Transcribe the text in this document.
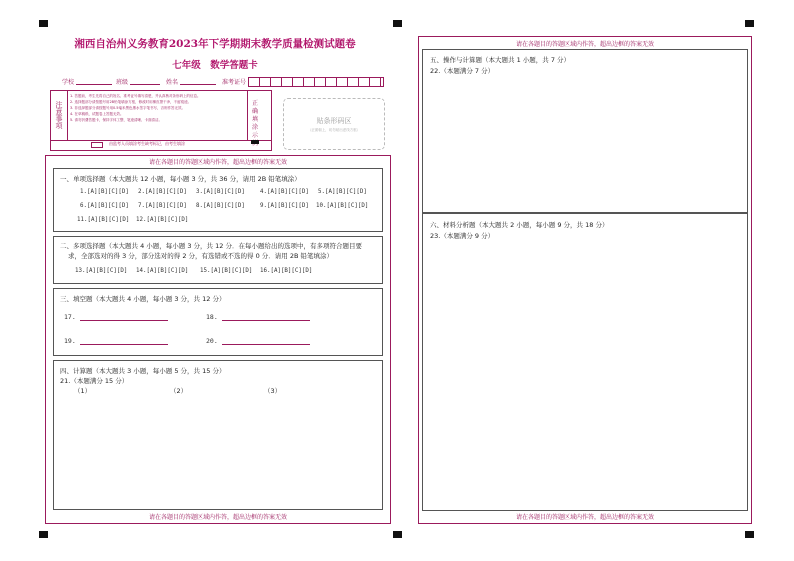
湘西自治州义务教育2023年下学期期末教学质量检测试题卷
七年级　数学答题卡
学校	班级	姓名	准考证号
注意事项
1. 答题前，考生先将自己的姓名、准考证号填写清楚，并认真核对条形码上的信息。
2. 选择题部分请按题号用2B铅笔填涂方框，修改时用橡皮擦干净，不留痕迹。
3. 非选择题部分请按题号用0.5毫米黑色墨水签字笔书写，否则作答无效。
4. 在草稿纸、试题卷上答题无效。
5. 请勿折叠答题卡，保持字体工整、笔迹清晰、卡面清洁。
由监考人员填涂考生缺考标记，由考生填涂
正确填涂示
贴条形码区
（正面朝上，切勿贴出虚线方框）
请在各题目的答题区域内作答，超出边框的答案无效
请在各题目的答题区域内作答，超出边框的答案无效
一、单项选择题（本大题共 12 小题，每小题 3 分，共 36 分，请用 2B 铅笔填涂）
1.[A][B][C][D] 2.[A][B][C][D] 3.[A][B][C][D]	4.[A][B][C][D] 5.[A][B][C][D]
6.[A][B][C][D] 7.[A][B][C][D] 8.[A][B][C][D]	9.[A][B][C][D] 10.[A][B][C][D]
11.[A][B][C][D] 12.[A][B][C][D]
二、多项选择题（本大题共 4 小题，每小题 3 分，共 12 分．在每小题给出的选项中，有多项符合题目要
求，全部选对的得 3 分，部分选对的得 2 分，有选错或不选的得 0 分．请用 2B 铅笔填涂）
13.[A][B][C][D] 14.[A][B][C][D] 15.[A][B][C][D] 16.[A][B][C][D]
三、填空题（本大题共 4 小题，每小题 3 分，共 12 分）
17.	18.
19.	20.
四、计算题（本大题共 3 小题，每小题 5 分，共 15 分）
21.（本题满分 15 分）
（1）	（2）	（3）
请在各题目的答题区域内作答，超出边框的答案无效
请在各题目的答题区域内作答，超出边框的答案无效
五、操作与计算题（本大题共 1 小题，共 7 分）
22.（本题满分 7 分）
六、材料分析题（本大题共 2 小题，每小题 9 分，共 18 分）
23.（本题满分 9 分）
